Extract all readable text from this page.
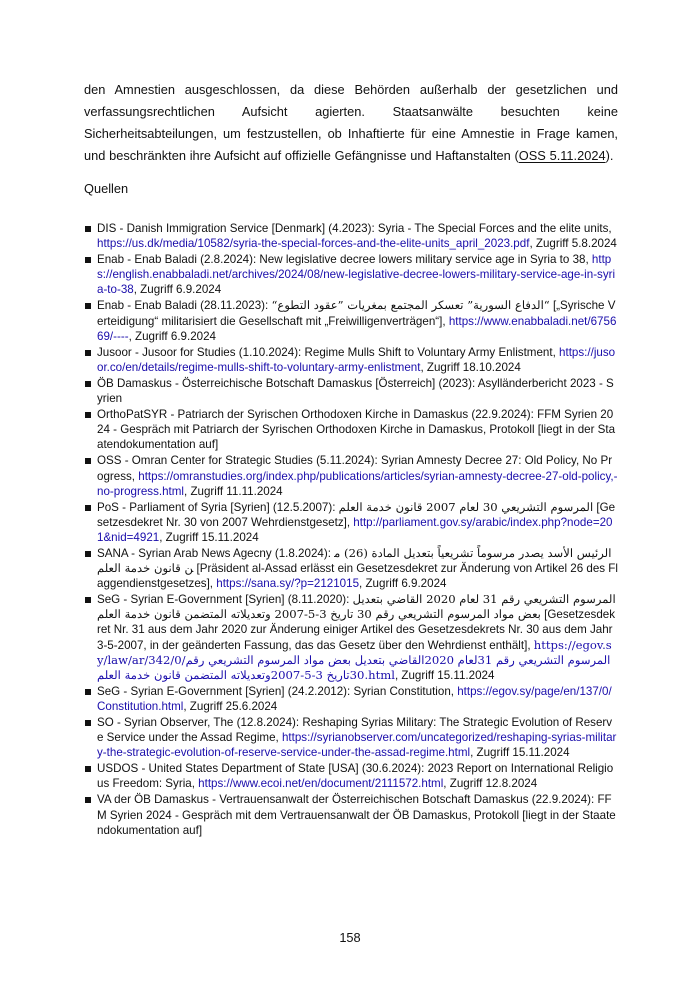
den Amnestien ausgeschlossen, da diese Behörden außerhalb der gesetzlichen und verfassungsrechtlichen Aufsicht agierten. Staatsanwälte besuchten keine Sicherheitsabteilungen, um festzustellen, ob Inhaftierte für eine Amnestie in Frage kamen, und beschränkten ihre Aufsicht auf offizielle Gefängnisse und Haftanstalten (OSS 5.11.2024).

Quellen

DIS - Danish Immigration Service [Denmark] (4.2023): Syria - The Special Forces and the elite units, https://us.dk/media/10582/syria-the-special-forces-and-the-elite-units_april_2023.pdf, Zugriff 5.8.2024
Enab - Enab Baladi (2.8.2024): New legislative decree lowers military service age in Syria to 38, https://english.enabbaladi.net/archives/2024/08/new-legislative-decree-lowers-military-service-age-in-syria-to-38, Zugriff 6.9.2024
Enab - Enab Baladi (28.11.2023): “الدفاع السورية” تعسكر المجتمع بمغريات ”عقود التطوع“ [„Syrische Verteidigung“ militarisiert die Gesellschaft mit „Freiwilligenverträgen“], https://www.enabbaladi.net/675669/----, Zugriff 6.9.2024
Jusoor - Jusoor for Studies (1.10.2024): Regime Mulls Shift to Voluntary Army Enlistment, https://jusoor.co/en/details/regime-mulls-shift-to-voluntary-army-enlistment, Zugriff 18.10.2024
ÖB Damaskus - Österreichische Botschaft Damaskus [Österreich] (2023): Asylländerbericht 2023 - Syrien
OrthoPatSYR - Patriarch der Syrischen Orthodoxen Kirche in Damaskus (22.9.2024): FFM Syrien 2024 - Gespräch mit Patriarch der Syrischen Orthodoxen Kirche in Damaskus, Protokoll [liegt in der Staatendokumentation auf]
OSS - Omran Center for Strategic Studies (5.11.2024): Syrian Amnesty Decree 27: Old Policy, No Progress, https://omranstudies.org/index.php/publications/articles/syrian-amnesty-decree-27-old-policy,-no-progress.html, Zugriff 11.11.2024
PoS - Parliament of Syria [Syrien] (12.5.2007): المرسوم التشريعي 30 لعام 2007 قانون خدمة العلم [Gesetzesdekret Nr. 30 von 2007 Wehrdienstgesetz], http://parliament.gov.sy/arabic/index.php?node=201&nid=4921, Zugriff 15.11.2024
SANA - Syrian Arab News Agecny (1.8.2024): الرئيس الأسد يصدر مرسوماً تشريعياً بتعديل المادة (26) من قانون خدمة العلم [Präsident al-Assad erlässt ein Gesetzesdekret zur Änderung von Artikel 26 des Flaggendienstgesetzes], https://sana.sy/?p=2121015, Zugriff 6.9.2024
SeG - Syrian E-Government [Syrien] (8.11.2020): المرسوم التشريعي رقم 31 لعام 2020 القاضي بتعديل بعض مواد المرسوم التشريعي رقم 30 تاريخ 3-5-2007 وتعديلاته المتضمن قانون خدمة العلم [Gesetzesdekret Nr. 31 aus dem Jahr 2020 zur Änderung einiger Artikel des Gesetzesdekrets Nr. 30 aus dem Jahr 3-5-2007, in der geänderten Fassung, das das Gesetz über den Wehrdienst enthält], https://egov.sy/law/ar/342/0/المرسوم التشريعي رقم 31لعام 2020القاضي بتعديل بعض مواد المرسوم التشريعي رقم 30تاريخ 3-5-2007وتعديلاته المتضمن قانون خدمة العلم.html, Zugriff 15.11.2024
SeG - Syrian E-Government [Syrien] (24.2.2012): Syrian Constitution, https://egov.sy/page/en/137/0/Constitution.html, Zugriff 25.6.2024
SO - Syrian Observer, The (12.8.2024): Reshaping Syrias Military: The Strategic Evolution of Reserve Service under the Assad Regime, https://syrianobserver.com/uncategorized/reshaping-syrias-military-the-strategic-evolution-of-reserve-service-under-the-assad-regime.html, Zugriff 15.11.2024
USDOS - United States Department of State [USA] (30.6.2024): 2023 Report on International Religious Freedom: Syria, https://www.ecoi.net/en/document/2111572.html, Zugriff 12.8.2024
VA der ÖB Damaskus - Vertrauensanwalt der Österreichischen Botschaft Damaskus (22.9.2024): FFM Syrien 2024 - Gespräch mit dem Vertrauensanwalt der ÖB Damaskus, Protokoll [liegt in der Staatendokumentation auf]
158
